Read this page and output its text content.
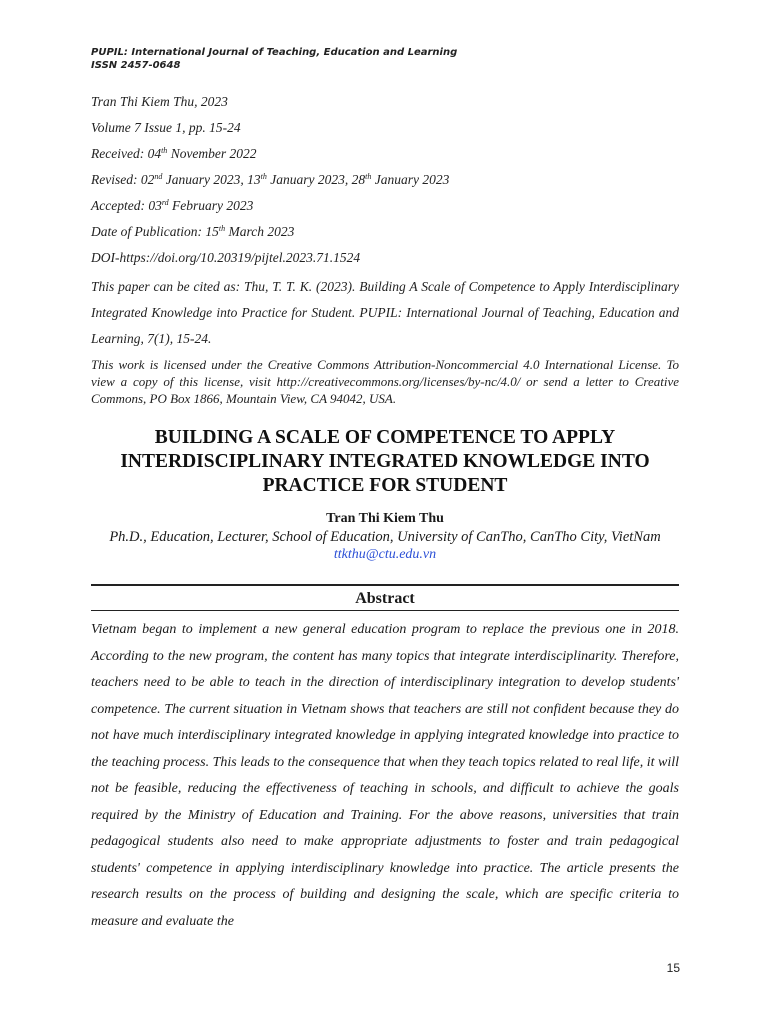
PUPIL: International Journal of Teaching, Education and Learning
ISSN 2457-0648
Tran Thi Kiem Thu, 2023
Volume 7 Issue 1, pp. 15-24
Received: 04th November 2022
Revised: 02nd January 2023, 13th January 2023, 28th January 2023
Accepted: 03rd February 2023
Date of Publication: 15th March 2023
DOI-https://doi.org/10.20319/pijtel.2023.71.1524
This paper can be cited as: Thu, T. T. K. (2023). Building A Scale of Competence to Apply Interdisciplinary Integrated Knowledge into Practice for Student. PUPIL: International Journal of Teaching, Education and Learning, 7(1), 15-24.
This work is licensed under the Creative Commons Attribution-Noncommercial 4.0 International License. To view a copy of this license, visit http://creativecommons.org/licenses/by-nc/4.0/ or send a letter to Creative Commons, PO Box 1866, Mountain View, CA 94042, USA.
BUILDING A SCALE OF COMPETENCE TO APPLY
INTERDISCIPLINARY INTEGRATED KNOWLEDGE INTO
PRACTICE FOR STUDENT
Tran Thi Kiem Thu
Ph.D., Education, Lecturer, School of Education, University of CanTho, CanTho City, VietNam
ttkthu@ctu.edu.vn
Abstract
Vietnam began to implement a new general education program to replace the previous one in 2018. According to the new program, the content has many topics that integrate interdisciplinarity. Therefore, teachers need to be able to teach in the direction of interdisciplinary integration to develop students' competence. The current situation in Vietnam shows that teachers are still not confident because they do not have much interdisciplinary integrated knowledge in applying integrated knowledge into practice to the teaching process. This leads to the consequence that when they teach topics related to real life, it will not be feasible, reducing the effectiveness of teaching in schools, and difficult to achieve the goals required by the Ministry of Education and Training. For the above reasons, universities that train pedagogical students also need to make appropriate adjustments to foster and train pedagogical students' competence in applying interdisciplinary knowledge into practice. The article presents the research results on the process of building and designing the scale, which are specific criteria to measure and evaluate the
15
